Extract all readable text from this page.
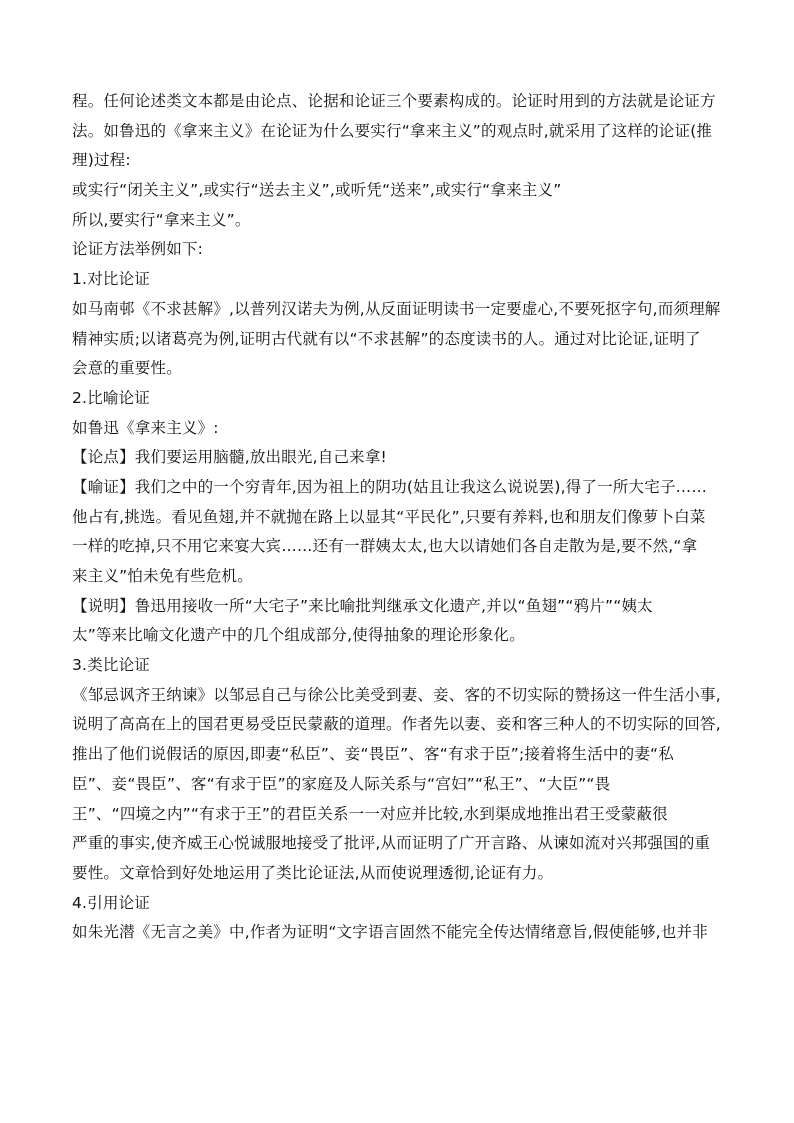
程。任何论述类文本都是由论点、论据和论证三个要素构成的。论证时用到的方法就是论证方
法。如鲁迅的《拿来主义》在论证为什么要实行“拿来主义”的观点时,就采用了这样的论证(推
理)过程:
或实行“闭关主义”,或实行“送去主义”,或听凭“送来”,或实行“拿来主义”
所以,要实行“拿来主义”。
论证方法举例如下:
1.对比论证
如马南邨《不求甚解》,以普列汉诺夫为例,从反面证明读书一定要虚心,不要死抠字句,而须理解
精神实质;以诸葛亮为例,证明古代就有以“不求甚解”的态度读书的人。通过对比论证,证明了
会意的重要性。
2.比喻论证
如鲁迅《拿来主义》:
【论点】我们要运用脑髓,放出眼光,自己来拿!
【喻证】我们之中的一个穷青年,因为祖上的阴功(姑且让我这么说说罢),得了一所大宅子……
他占有,挑选。看见鱼翅,并不就抛在路上以显其“平民化”,只要有养料,也和朋友们像萝卜白菜
一样的吃掉,只不用它来宴大宾……还有一群姨太太,也大以请她们各自走散为是,要不然,“拿
来主义”怕未免有些危机。
【说明】鲁迅用接收一所“大宅子”来比喻批判继承文化遗产,并以“鱼翅”“鸦片”“姨太
太”等来比喻文化遗产中的几个组成部分,使得抽象的理论形象化。
3.类比论证
《邹忌讽齐王纳谏》以邹忌自己与徐公比美受到妻、妾、客的不切实际的赞扬这一件生活小事,
说明了高高在上的国君更易受臣民蒙蔽的道理。作者先以妻、妾和客三种人的不切实际的回答,
推出了他们说假话的原因,即妻“私臣”、妾“畏臣”、客“有求于臣”;接着将生活中的妻“私
臣”、妾“畏臣”、客“有求于臣”的家庭及人际关系与“宫妇”“私王”、“大臣”“畏
王”、“四境之内”“有求于王”的君臣关系一一对应并比较,水到渠成地推出君王受蒙蔽很
严重的事实,使齐威王心悦诚服地接受了批评,从而证明了广开言路、从谏如流对兴邦强国的重
要性。文章恰到好处地运用了类比论证法,从而使说理透彻,论证有力。
4.引用论证
如朱光潜《无言之美》中,作者为证明“文字语言固然不能完全传达情绪意旨,假使能够,也并非
